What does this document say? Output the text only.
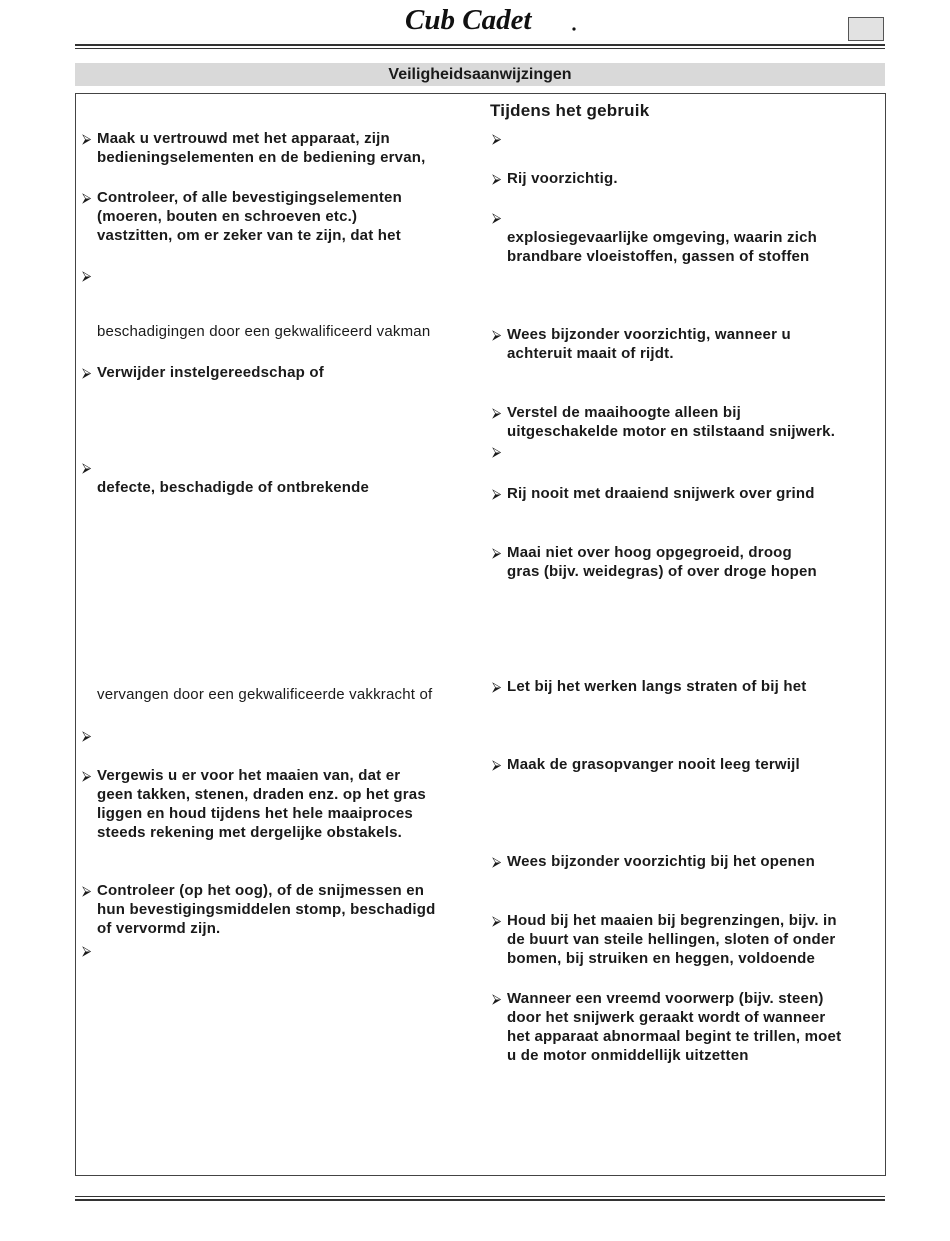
Cub Cadet
Veiligheidsaanwijzingen
⮚ Maak u vertrouwd met het apparaat, zijn
bedieningselementen en de bediening ervan,
⮚ Controleer, of alle bevestigingselementen
(moeren, bouten en schroeven etc.)
vastzitten, om er zeker van te zijn, dat het
⮚
beschadigingen door een gekwalificeerd vakman
⮚ Verwijder instelgereedschap of
⮚
defecte, beschadigde of ontbrekende
vervangen door een gekwalificeerde vakkracht of
⮚
⮚ Vergewis u er voor het maaien van, dat er
geen takken, stenen, draden enz. op het gras
liggen en houd tijdens het hele maaiproces
steeds rekening met dergelijke obstakels.
⮚ Controleer (op het oog), of de snijmessen en
hun bevestigingsmiddelen stomp, beschadigd
of vervormd zijn.
⮚
Tijdens het gebruik
⮚
⮚ Rij voorzichtig.
⮚
explosiegevaarlijke omgeving, waarin zich
brandbare vloeistoffen, gassen of stoffen
⮚ Wees bijzonder voorzichtig, wanneer u
achteruit maait of rijdt.
⮚ Verstel de maaihoogte alleen bij
uitgeschakelde motor en stilstaand snijwerk.
⮚
⮚ Rij nooit met draaiend snijwerk over grind
⮚ Maai niet over hoog opgegroeid, droog
gras (bijv. weidegras) of over droge hopen
⮚ Let bij het werken langs straten of bij het
⮚ Maak de grasopvanger nooit leeg terwijl
⮚ Wees bijzonder voorzichtig bij het openen
⮚ Houd bij het maaien bij begrenzingen, bijv. in
de buurt van steile hellingen, sloten of onder
bomen, bij struiken en heggen, voldoende
⮚ Wanneer een vreemd voorwerp (bijv. steen)
door het snijwerk geraakt wordt of wanneer
het apparaat abnormaal begint te trillen, moet
u de motor onmiddellijk uitzetten
